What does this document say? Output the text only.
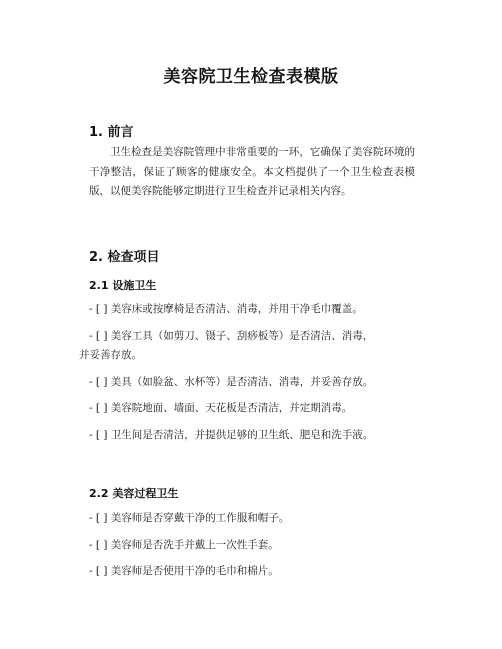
美容院卫生检查表模版
1. 前言
卫生检查是美容院管理中非常重要的一环，它确保了美容院环境的干净整洁，保证了顾客的健康安全。本文档提供了一个卫生检查表模版，以便美容院能够定期进行卫生检查并记录相关内容。
2. 检查项目
2.1 设施卫生
- [ ] 美容床或按摩椅是否清洁、消毒，并用干净毛巾覆盖。
- [ ] 美容工具（如剪刀、镊子、刮痧板等）是否清洁、消毒，
并妥善存放。
- [ ] 美具（如脸盆、水杯等）是否清洁、消毒，并妥善存放。
- [ ] 美容院地面、墙面、天花板是否清洁，并定期消毒。
- [ ] 卫生间是否清洁，并提供足够的卫生纸、肥皂和洗手液。
2.2 美容过程卫生
- [ ] 美容师是否穿戴干净的工作服和帽子。
- [ ] 美容师是否洗手并戴上一次性手套。
- [ ] 美容师是否使用干净的毛巾和棉片。
